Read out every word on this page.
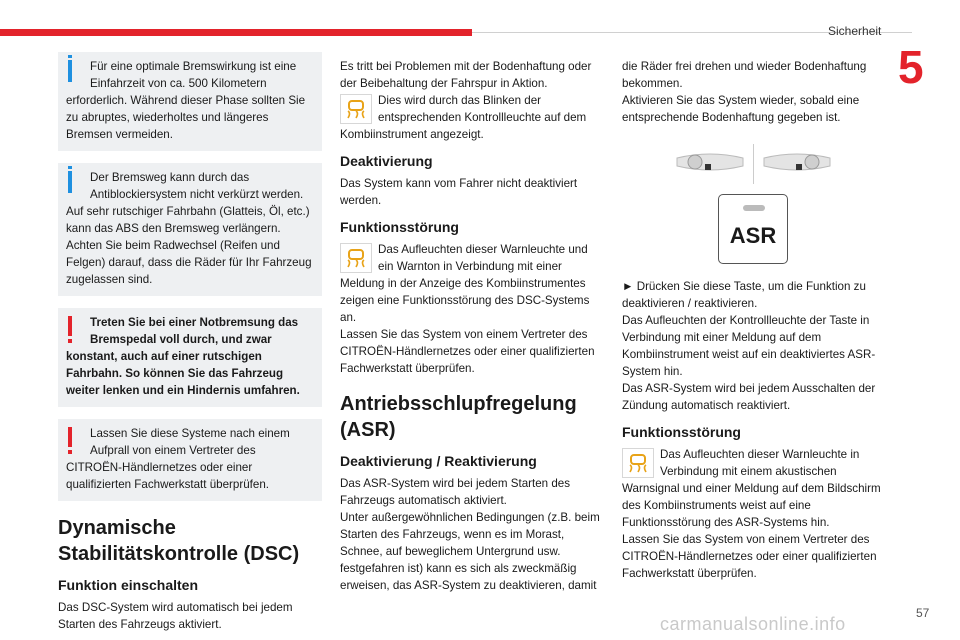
Sicherheit
5

Für eine optimale Bremswirkung ist eine Einfahrzeit von ca. 500 Kilometern

erforderlich. Während dieser Phase sollten Sie zu abruptes, wiederholtes und längeres Bremsen vermeiden.

Der Bremsweg kann durch das Antiblockiersystem nicht verkürzt werden.

Auf sehr rutschiger Fahrbahn (Glatteis, Öl, etc.) kann das ABS den Bremsweg verlängern. Achten Sie beim Radwechsel (Reifen und Felgen) darauf, dass die Räder für Ihr Fahrzeug zugelassen sind.

Treten Sie bei einer Notbremsung das Bremspedal voll durch, und zwar

konstant, auch auf einer rutschigen Fahrbahn. So können Sie das Fahrzeug weiter lenken und ein Hindernis umfahren.

Lassen Sie diese Systeme nach einem Aufprall von einem Vertreter des

CITROËN-Händlernetzes oder einer qualifizierten Fachwerkstatt überprüfen.

Dynamische Stabilitätskontrolle (DSC)
Funktion einschalten

Das DSC-System wird automatisch bei jedem Starten des Fahrzeugs aktiviert.

Es tritt bei Problemen mit der Bodenhaftung oder der Beibehaltung der Fahrspur in Aktion.

Dies wird durch das Blinken der entsprechenden Kontrollleuchte auf dem

Kombiinstrument angezeigt.

Deaktivierung

Das System kann vom Fahrer nicht deaktiviert werden.

Funktionsstörung

Das Aufleuchten dieser Warnleuchte und ein Warnton in Verbindung mit einer

Meldung in der Anzeige des Kombiinstrumentes zeigen eine Funktionsstörung des DSC-Systems an.

Lassen Sie das System von einem Vertreter des CITROËN-Händlernetzes oder einer qualifizierten Fachwerkstatt überprüfen.

Antriebsschlupfregelung (ASR)
Deaktivierung / Reaktivierung

Das ASR-System wird bei jedem Starten des Fahrzeugs automatisch aktiviert.

Unter außergewöhnlichen Bedingungen (z.B. beim Starten des Fahrzeugs, wenn es im Morast, Schnee, auf beweglichem Untergrund usw. festgefahren ist) kann es sich als zweckmäßig erweisen, das ASR-System zu deaktivieren, damit

die Räder frei drehen und wieder Bodenhaftung bekommen.

Aktivieren Sie das System wieder, sobald eine entsprechende Bodenhaftung gegeben ist.

ASR

► Drücken Sie diese Taste, um die Funktion zu deaktivieren / reaktivieren.

Das Aufleuchten der Kontrollleuchte der Taste in Verbindung mit einer Meldung auf dem Kombiinstrument weist auf ein deaktiviertes ASR-System hin.

Das ASR-System wird bei jedem Ausschalten der Zündung automatisch reaktiviert.

Funktionsstörung

Das Aufleuchten dieser Warnleuchte in Verbindung mit einem akustischen

Warnsignal und einer Meldung auf dem Bildschirm des Kombiinstruments weist auf eine Funktionsstörung des ASR-Systems hin.

Lassen Sie das System von einem Vertreter des CITROËN-Händlernetzes oder einer qualifizierten Fachwerkstatt überprüfen.

57
carmanualsonline.info
